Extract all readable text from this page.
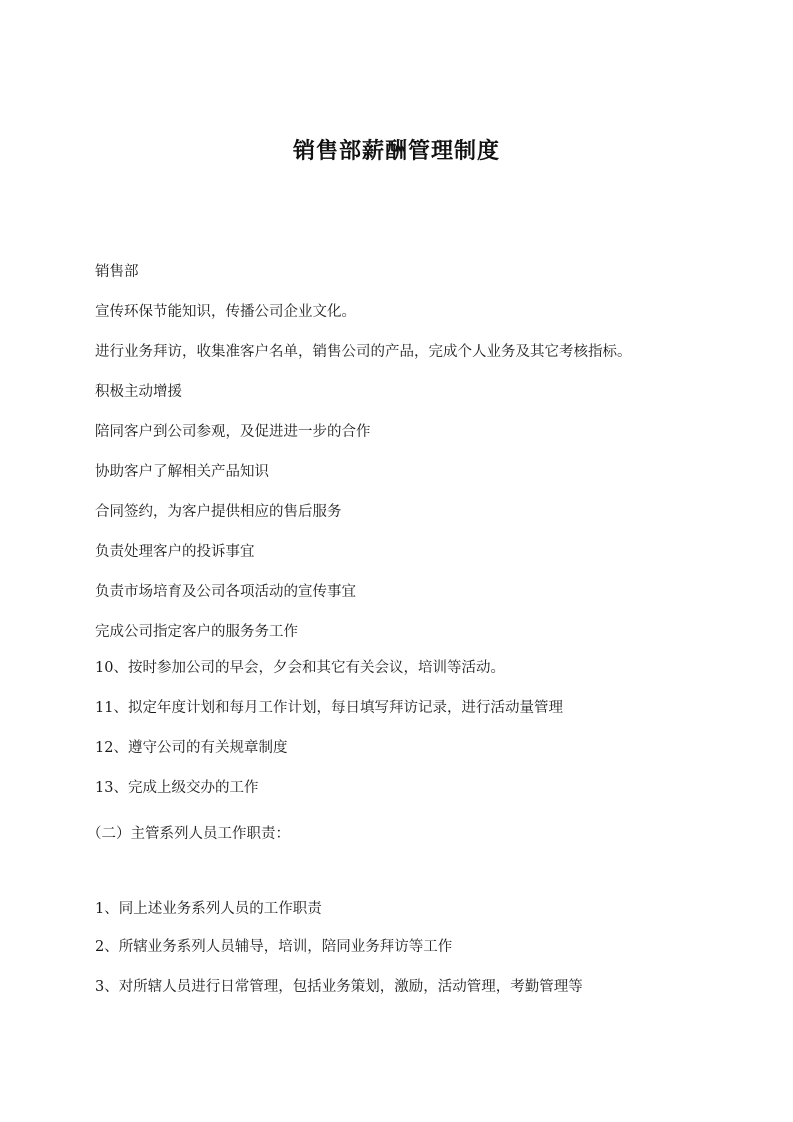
销售部薪酬管理制度
销售部
宣传环保节能知识，传播公司企业文化。
进行业务拜访，收集准客户名单，销售公司的产品，完成个人业务及其它考核指标。
积极主动增援
陪同客户到公司参观，及促进进一步的合作
协助客户了解相关产品知识
合同签约，为客户提供相应的售后服务
负责处理客户的投诉事宜
负责市场培育及公司各项活动的宣传事宜
完成公司指定客户的服务务工作
10、按时参加公司的早会，夕会和其它有关会议，培训等活动。
11、拟定年度计划和每月工作计划，每日填写拜访记录，进行活动量管理
12、遵守公司的有关规章制度
13、完成上级交办的工作
（二）主管系列人员工作职责：
1、同上述业务系列人员的工作职责
2、所辖业务系列人员辅导，培训，陪同业务拜访等工作
3、对所辖人员进行日常管理，包括业务策划，激励，活动管理，考勤管理等
